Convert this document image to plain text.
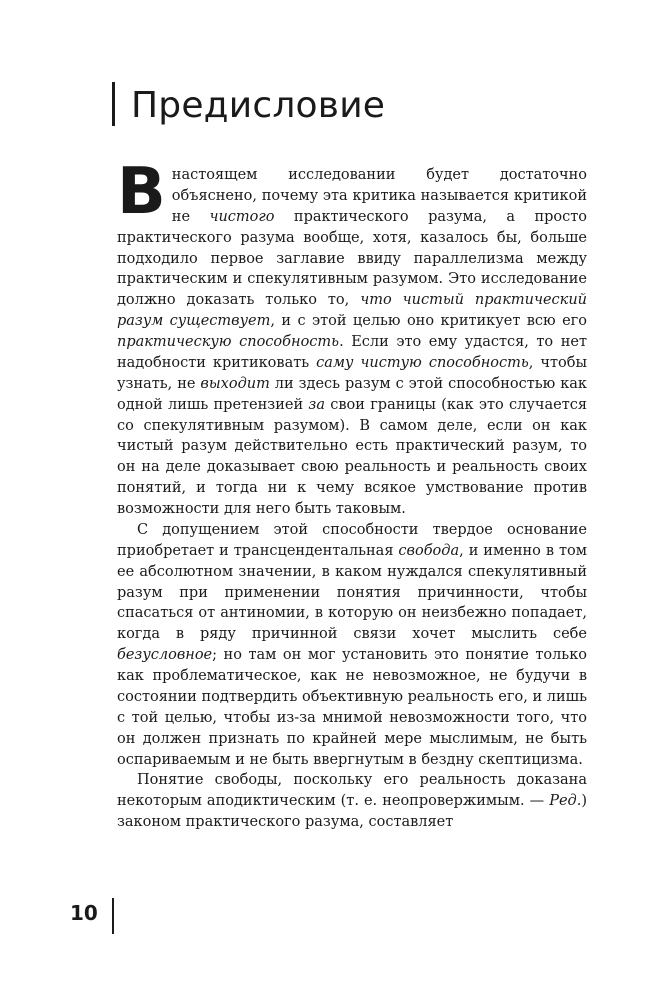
Предисловие

В настоящем исследовании будет достаточно объяснено, почему эта критика называется критикой не чистого практического разума, а просто практического разума вообще, хотя, казалось бы, больше подходило первое заглавие ввиду параллелизма между практическим и спекулятивным разумом. Это исследование должно доказать только то, что чистый практический разум существует, и с этой целью оно критикует всю его практическую способность. Если это ему удастся, то нет надобности критиковать саму чистую способность, чтобы узнать, не выходит ли здесь разум с этой способностью как одной лишь претензией за свои границы (как это случается со спекулятивным разумом). В самом деле, если он как чистый разум действительно есть практический разум, то он на деле доказывает свою реальность и реальность своих понятий, и тогда ни к чему всякое умствование против возможности для него быть таковым.

С допущением этой способности твердое основание приобретает и трансцендентальная свобода, и именно в том ее абсолютном значении, в каком нуждался спекулятивный разум при применении понятия причинности, чтобы спасаться от антиномии, в которую он неизбежно попадает, когда в ряду причинной связи хочет мыслить себе безусловное; но там он мог установить это понятие только как проблематическое, как не невозможное, не будучи в состоянии подтвердить объективную реальность его, и лишь с той целью, чтобы из-за мнимой невозможности того, что он должен признать по крайней мере мыслимым, не быть оспариваемым и не быть ввергнутым в бездну скептицизма.

Понятие свободы, поскольку его реальность доказана некоторым аподиктическим (т. е. неопровержимым. — Ред.) законом практического разума, составляет

10
